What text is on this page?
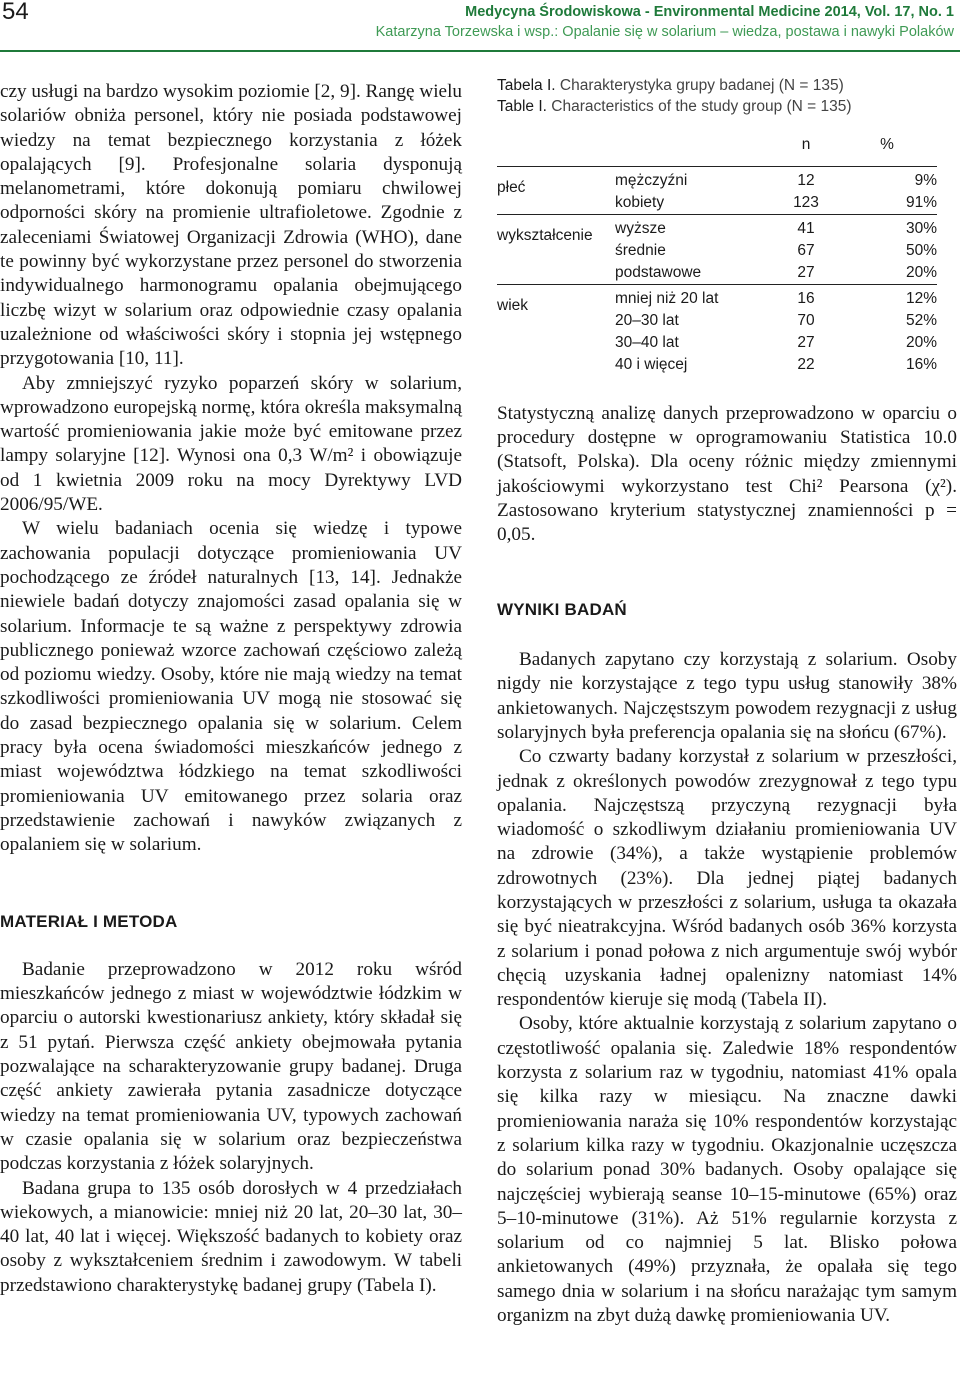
54	Medycyna Środowiskowa - Environmental Medicine 2014, Vol. 17, No. 1
Katarzyna Torzewska i wsp.: Opalanie się w solarium – wiedza, postawa i nawyki Polaków

czy usługi na bardzo wysokim poziomie [2, 9]. Rangę wielu solariów obniża personel, który nie posiada podstawowej wiedzy na temat bezpiecznego korzystania z łóżek opalających [9]. Profesjonalne solaria dysponują melanometrami, które dokonują pomiaru chwilowej odporności skóry na promienie ultrafioletowe. Zgodnie z zaleceniami Światowej Organizacji Zdrowia (WHO), dane te powinny być wykorzystane przez personel do stworzenia indywidualnego harmonogramu opalania obejmującego liczbę wizyt w solarium oraz odpowiednie czasy opalania uzależnione od właściwości skóry i stopnia jej wstępnego przygotowania [10, 11].

Aby zmniejszyć ryzyko poparzeń skóry w solarium, wprowadzono europejską normę, która określa maksymalną wartość promieniowania jakie może być emitowane przez lampy solaryjne [12]. Wynosi ona 0,3 W/m² i obowiązuje od 1 kwietnia 2009 roku na mocy Dyrektywy LVD 2006/95/WE.

W wielu badaniach ocenia się wiedzę i typowe zachowania populacji dotyczące promieniowania UV pochodzącego ze źródeł naturalnych [13, 14]. Jednakże niewiele badań dotyczy znajomości zasad opalania się w solarium. Informacje te są ważne z perspektywy zdrowia publicznego ponieważ wzorce zachowań częściowo zależą od poziomu wiedzy. Osoby, które nie mają wiedzy na temat szkodliwości promieniowania UV mogą nie stosować się do zasad bezpiecznego opalania się w solarium. Celem pracy była ocena świadomości mieszkańców jednego z miast województwa łódzkiego na temat szkodliwości promieniowania UV emitowanego przez solaria oraz przedstawienie zachowań i nawyków związanych z opalaniem się w solarium.

MATERIAŁ I METODA

Badanie przeprowadzono w 2012 roku wśród mieszkańców jednego z miast w województwie łódzkim w oparciu o autorski kwestionariusz ankiety, który składał się z 51 pytań. Pierwsza część ankiety obejmowała pytania pozwalające na scharakteryzowanie grupy badanej. Druga część ankiety zawierała pytania zasadnicze dotyczące wiedzy na temat promieniowania UV, typowych zachowań w czasie opalania się w solarium oraz bezpieczeństwa podczas korzystania z łóżek solaryjnych.

Badana grupa to 135 osób dorosłych w 4 przedziałach wiekowych, a mianowicie: mniej niż 20 lat, 20–30 lat, 30–40 lat, 40 lat i więcej. Większość badanych to kobiety oraz osoby z wykształceniem średnim i zawodowym. W tabeli przedstawiono charakterystykę badanej grupy (Tabela I).

Tabela I. Charakterystyka grupy badanej (N = 135)
Table I. Characteristics of the study group (N = 135)
		n	%
płeć	mężczyźni	12	9%
	kobiety	123	91%
wykształcenie	wyższe	41	30%
	średnie	67	50%
	podstawowe	27	20%
wiek	mniej niż 20 lat	16	12%
	20–30 lat	70	52%
	30–40 lat	27	20%
	40 i więcej	22	16%

Statystyczną analizę danych przeprowadzono w oparciu o procedury dostępne w oprogramowaniu Statistica 10.0 (Statsoft, Polska). Dla oceny różnic między zmiennymi jakościowymi wykorzystano test Chi² Pearsona (χ²). Zastosowano kryterium statystycznej znamienności p = 0,05.

WYNIKI BADAŃ

Badanych zapytano czy korzystają z solarium. Osoby nigdy nie korzystające z tego typu usług stanowiły 38% ankietowanych. Najczęstszym powodem rezygnacji z usług solaryjnych była preferencja opalania się na słońcu (67%).

Co czwarty badany korzystał z solarium w przeszłości, jednak z określonych powodów zrezygnował z tego typu opalania. Najczęstszą przyczyną rezygnacji była wiadomość o szkodliwym działaniu promieniowania UV na zdrowie (34%), a także wystąpienie problemów zdrowotnych (23%). Dla jednej piątej badanych korzystających w przeszłości z solarium, usługa ta okazała się być nieatrakcyjna. Wśród badanych osób 36% korzysta z solarium i ponad połowa z nich argumentuje swój wybór chęcią uzyskania ładnej opalenizny natomiast 14% respondentów kieruje się modą (Tabela II).

Osoby, które aktualnie korzystają z solarium zapytano o częstotliwość opalania się. Zaledwie 18% respondentów korzysta z solarium raz w tygodniu, natomiast 41% opala się kilka razy w miesiącu. Na znaczne dawki promieniowania naraża się 10% respondentów korzystając z solarium kilka razy w tygodniu. Okazjonalnie uczęszcza do solarium ponad 30% badanych. Osoby opalające się najczęściej wybierają seanse 10–15-minutowe (65%) oraz 5–10-minutowe (31%). Aż 51% regularnie korzysta z solarium od co najmniej 5 lat. Blisko połowa ankietowanych (49%) przyznała, że opalała się tego samego dnia w solarium i na słońcu narażając tym samym organizm na zbyt dużą dawkę promieniowania UV.
